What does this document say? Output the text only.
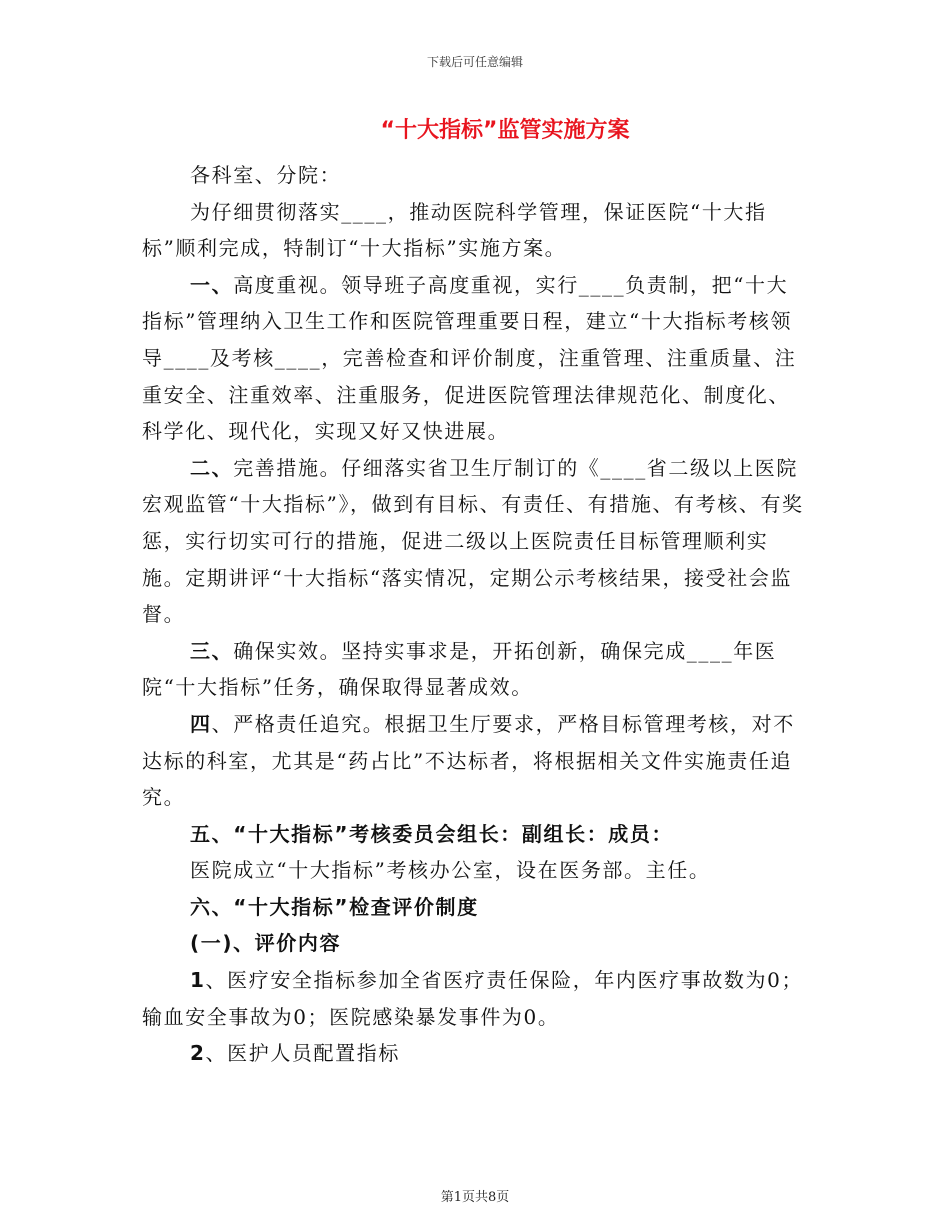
下载后可任意编辑

“十大指标”监管实施方案

各科室、分院：

为仔细贯彻落实____，推动医院科学管理，保证医院“十大指标”顺利完成，特制订“十大指标”实施方案。

一、高度重视。领导班子高度重视，实行____负责制，把“十大指标”管理纳入卫生工作和医院管理重要日程，建立“十大指标考核领导____及考核____，完善检查和评价制度，注重管理、注重质量、注重安全、注重效率、注重服务，促进医院管理法律规范化、制度化、科学化、现代化，实现又好又快进展。

二、完善措施。仔细落实省卫生厅制订的《____省二级以上医院宏观监管“十大指标”》，做到有目标、有责任、有措施、有考核、有奖惩，实行切实可行的措施，促进二级以上医院责任目标管理顺利实施。定期讲评“十大指标“落实情况，定期公示考核结果，接受社会监督。

三、确保实效。坚持实事求是，开拓创新，确保完成____年医院“十大指标”任务，确保取得显著成效。

四、严格责任追究。根据卫生厅要求，严格目标管理考核，对不达标的科室，尤其是“药占比”不达标者，将根据相关文件实施责任追究。

五、“十大指标”考核委员会组长：副组长：成员：

医院成立“十大指标”考核办公室，设在医务部。主任。

六、“十大指标”检查评价制度

(一)、评价内容

1、医疗安全指标参加全省医疗责任保险，年内医疗事故数为0；输血安全事故为0；医院感染暴发事件为0。

2、医护人员配置指标

第1页共8页
